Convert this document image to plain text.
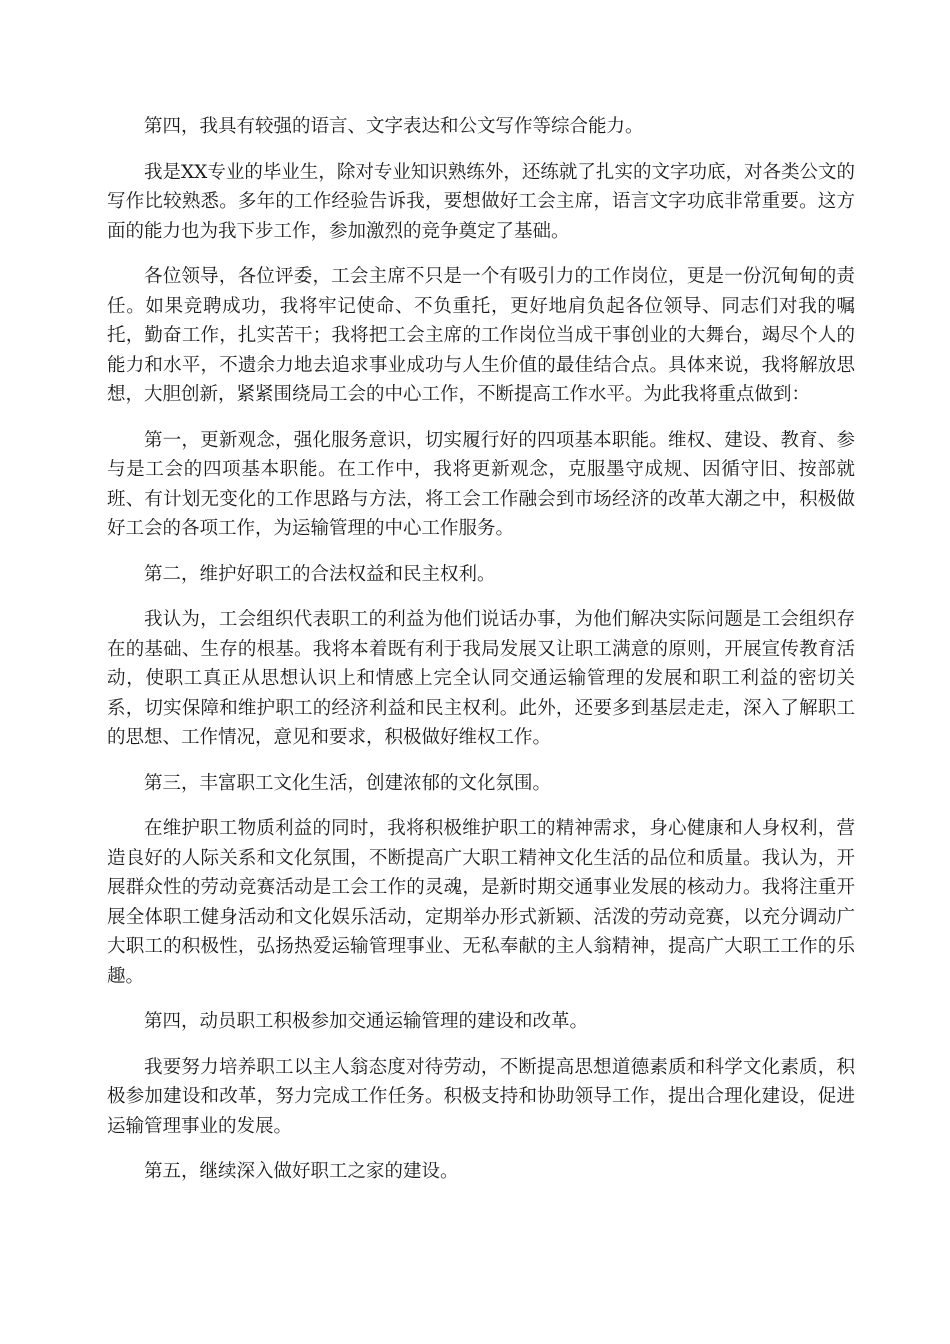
第四，我具有较强的语言、文字表达和公文写作等综合能力。

我是XX专业的毕业生，除对专业知识熟练外，还练就了扎实的文字功底，对各类公文的写作比较熟悉。多年的工作经验告诉我，要想做好工会主席，语言文字功底非常重要。这方面的能力也为我下步工作，参加激烈的竞争奠定了基础。

各位领导，各位评委，工会主席不只是一个有吸引力的工作岗位，更是一份沉甸甸的责任。如果竞聘成功，我将牢记使命、不负重托，更好地肩负起各位领导、同志们对我的嘱托，勤奋工作，扎实苦干；我将把工会主席的工作岗位当成干事创业的大舞台，竭尽个人的能力和水平，不遗余力地去追求事业成功与人生价值的最佳结合点。具体来说，我将解放思想，大胆创新，紧紧围绕局工会的中心工作，不断提高工作水平。为此我将重点做到：

第一，更新观念，强化服务意识，切实履行好的四项基本职能。维权、建设、教育、参与是工会的四项基本职能。在工作中，我将更新观念，克服墨守成规、因循守旧、按部就班、有计划无变化的工作思路与方法，将工会工作融会到市场经济的改革大潮之中，积极做好工会的各项工作，为运输管理的中心工作服务。

第二，维护好职工的合法权益和民主权利。

我认为，工会组织代表职工的利益为他们说话办事，为他们解决实际问题是工会组织存在的基础、生存的根基。我将本着既有利于我局发展又让职工满意的原则，开展宣传教育活动，使职工真正从思想认识上和情感上完全认同交通运输管理的发展和职工利益的密切关系，切实保障和维护职工的经济利益和民主权利。此外，还要多到基层走走，深入了解职工的思想、工作情况，意见和要求，积极做好维权工作。

第三，丰富职工文化生活，创建浓郁的文化氛围。

在维护职工物质利益的同时，我将积极维护职工的精神需求，身心健康和人身权利，营造良好的人际关系和文化氛围，不断提高广大职工精神文化生活的品位和质量。我认为，开展群众性的劳动竞赛活动是工会工作的灵魂，是新时期交通事业发展的核动力。我将注重开展全体职工健身活动和文化娱乐活动，定期举办形式新颖、活泼的劳动竞赛，以充分调动广大职工的积极性，弘扬热爱运输管理事业、无私奉献的主人翁精神，提高广大职工工作的乐趣。

第四，动员职工积极参加交通运输管理的建设和改革。

我要努力培养职工以主人翁态度对待劳动，不断提高思想道德素质和科学文化素质，积极参加建设和改革，努力完成工作任务。积极支持和协助领导工作，提出合理化建设，促进运输管理事业的发展。

第五，继续深入做好职工之家的建设。
